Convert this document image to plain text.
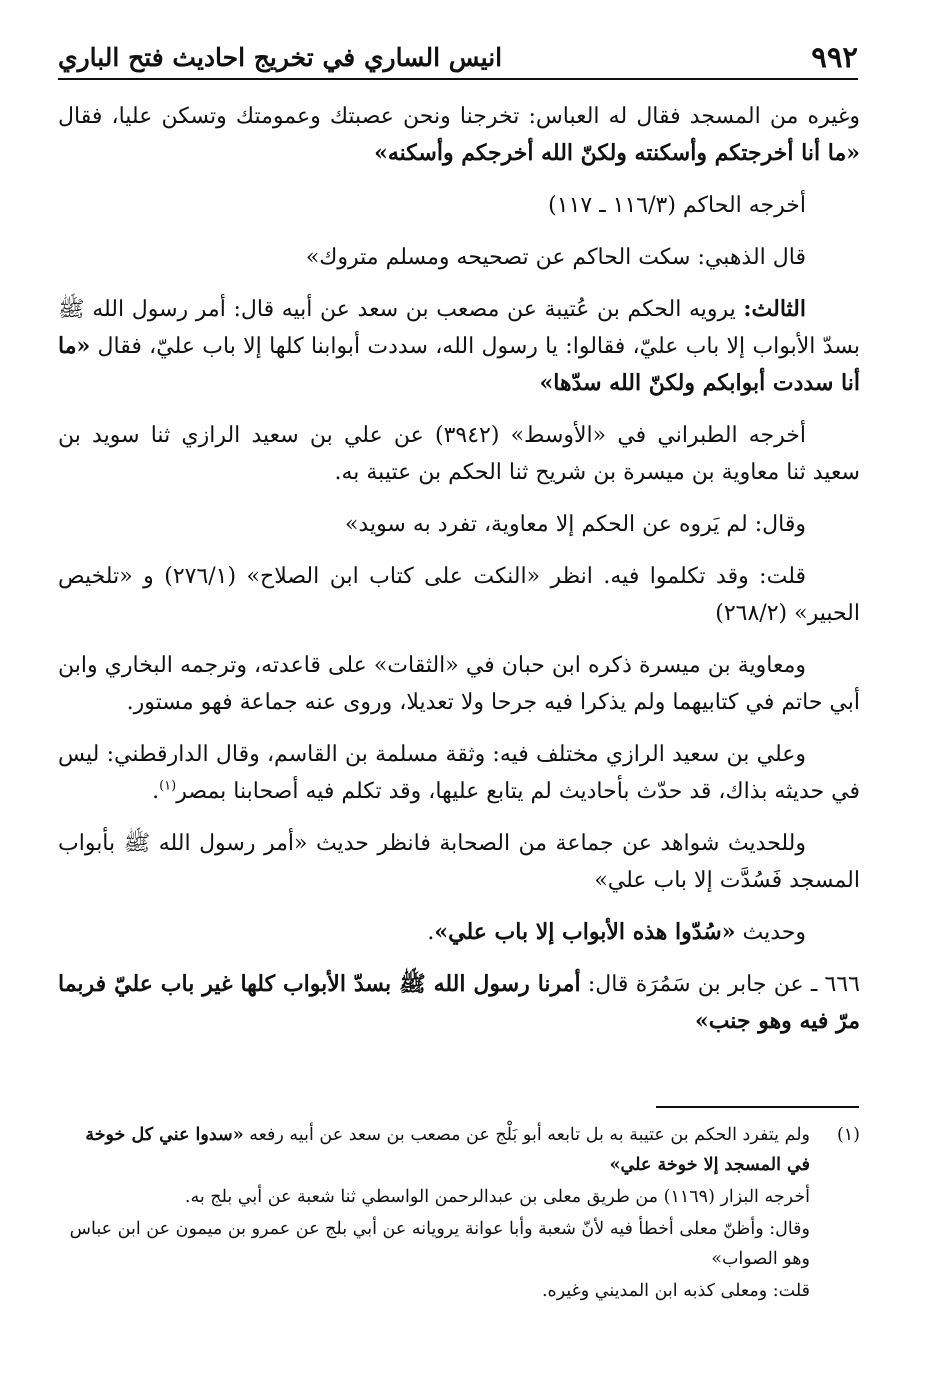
٩٩٢
انيس الساري في تخريج احاديث فتح الباري

وغيره من المسجد فقال له العباس: تخرجنا ونحن عصبتك وعمومتك وتسكن عليا، فقال «ما أنا أخرجتكم وأسكنته ولكنّ الله أخرجكم وأسكنه»

أخرجه الحاكم (١١٦/٣ ـ ١١٧)

قال الذهبي: سكت الحاكم عن تصحيحه ومسلم متروك»

الثالث: يرويه الحكم بن عُتيبة عن مصعب بن سعد عن أبيه قال: أمر رسول الله ﷺ بسدّ الأبواب إلا باب عليّ، فقالوا: يا رسول الله، سددت أبوابنا كلها إلا باب عليّ، فقال «ما أنا سددت أبوابكم ولكنّ الله سدّها»

أخرجه الطبراني في «الأوسط» (٣٩٤٢) عن علي بن سعيد الرازي ثنا سويد بن سعيد ثنا معاوية بن ميسرة بن شريح ثنا الحكم بن عتيبة به.

وقال: لم يَروه عن الحكم إلا معاوية، تفرد به سويد»

قلت: وقد تكلموا فيه. انظر «النكت على كتاب ابن الصلاح» (٢٧٦/١) و «تلخيص الحبير» (٢٦٨/٢)

ومعاوية بن ميسرة ذكره ابن حبان في «الثقات» على قاعدته، وترجمه البخاري وابن أبي حاتم في كتابيهما ولم يذكرا فيه جرحا ولا تعديلا، وروى عنه جماعة فهو مستور.

وعلي بن سعيد الرازي مختلف فيه: وثقة مسلمة بن القاسم، وقال الدارقطني: ليس في حديثه بذاك، قد حدّث بأحاديث لم يتابع عليها، وقد تكلم فيه أصحابنا بمصر$^{(١)}$.

وللحديث شواهد عن جماعة من الصحابة فانظر حديث «أمر رسول الله ﷺ بأبواب المسجد فَسُدَّت إلا باب علي»

وحديث «سُدّوا هذه الأبواب إلا باب علي».

٦٦٦ ـ عن جابر بن سَمُرَة قال: أمرنا رسول الله ﷺ بسدّ الأبواب كلها غير باب عليّ فربما مرّ فيه وهو جنب»

(١)
ولم يتفرد الحكم بن عتيبة به بل تابعه أبو بَلْج عن مصعب بن سعد عن أبيه رفعه «سدوا عني كل خوخة في المسجد إلا خوخة علي»
أخرجه البزار (١١٦٩) من طريق معلى بن عبدالرحمن الواسطي ثنا شعبة عن أبي بلج به.
وقال: وأظنّ معلى أخطأ فيه لأنّ شعبة وأبا عوانة يرويانه عن أبي بلج عن عمرو بن ميمون عن ابن عباس وهو الصواب»
قلت: ومعلى كذبه ابن المديني وغيره.
